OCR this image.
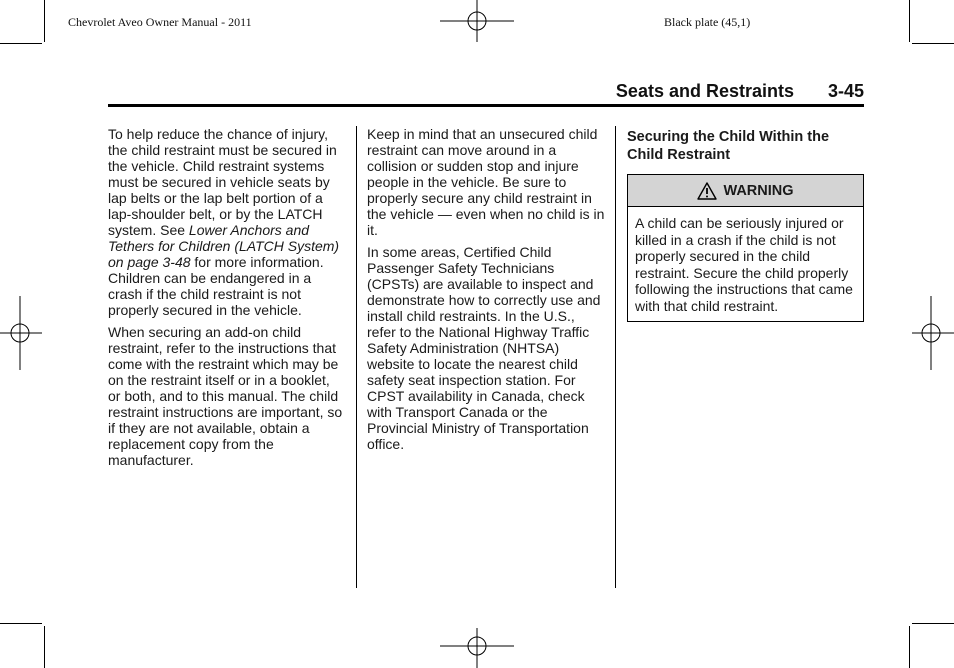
Chevrolet Aveo Owner Manual - 2011	Black plate (45,1)
Seats and Restraints 3-45

To help reduce the chance of injury, the child restraint must be secured in the vehicle. Child restraint systems must be secured in vehicle seats by lap belts or the lap belt portion of a lap-shoulder belt, or by the LATCH system. See Lower Anchors and Tethers for Children (LATCH System) on page 3-48 for more information. Children can be endangered in a crash if the child restraint is not properly secured in the vehicle.

When securing an add-on child restraint, refer to the instructions that come with the restraint which may be on the restraint itself or in a booklet, or both, and to this manual. The child restraint instructions are important, so if they are not available, obtain a replacement copy from the manufacturer.

Keep in mind that an unsecured child restraint can move around in a collision or sudden stop and injure people in the vehicle. Be sure to properly secure any child restraint in the vehicle — even when no child is in it.

In some areas, Certified Child Passenger Safety Technicians (CPSTs) are available to inspect and demonstrate how to correctly use and install child restraints. In the U.S., refer to the National Highway Traffic Safety Administration (NHTSA) website to locate the nearest child safety seat inspection station. For CPST availability in Canada, check with Transport Canada or the Provincial Ministry of Transportation office.

Securing the Child Within the Child Restraint
WARNING
A child can be seriously injured or killed in a crash if the child is not properly secured in the child restraint. Secure the child properly following the instructions that came with that child restraint.
